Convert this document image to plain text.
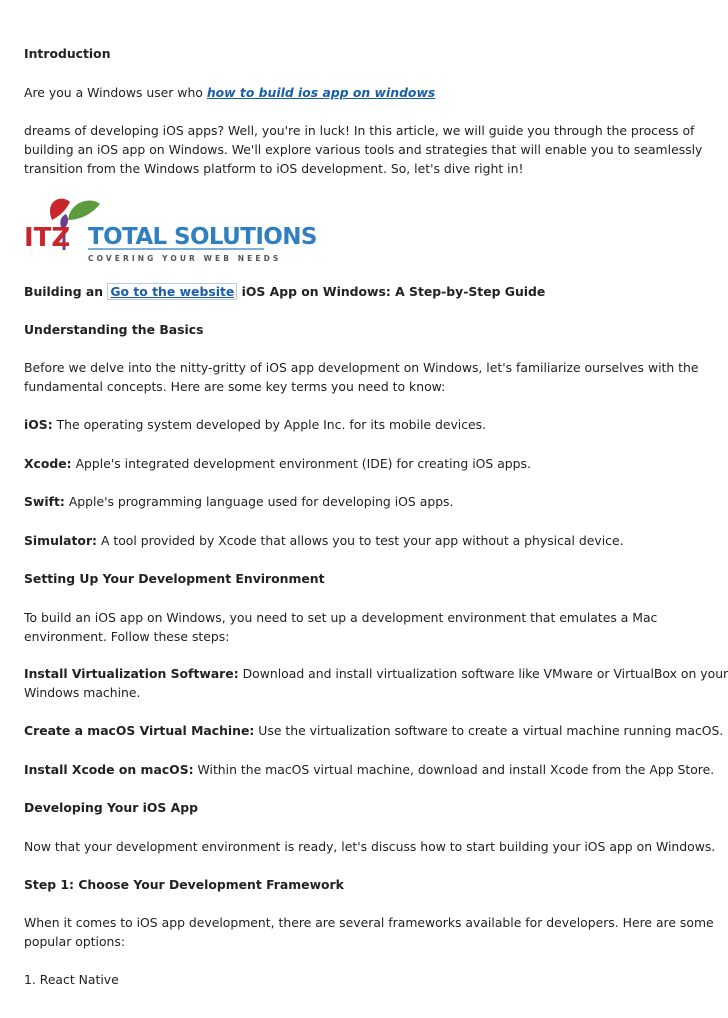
Introduction
Are you a Windows user who how to build ios app on windows
dreams of developing iOS apps? Well, you're in luck! In this article, we will guide you through the process of
building an iOS app on Windows. We'll explore various tools and strategies that will enable you to seamlessly
transition from the Windows platform to iOS development. So, let's dive right in!
ITZ TOTAL SOLUTIONS
COVERING YOUR WEB NEEDS
Building an Go to the website iOS App on Windows: A Step-by-Step Guide
Understanding the Basics
Before we delve into the nitty-gritty of iOS app development on Windows, let's familiarize ourselves with the
fundamental concepts. Here are some key terms you need to know:
iOS: The operating system developed by Apple Inc. for its mobile devices.
Xcode: Apple's integrated development environment (IDE) for creating iOS apps.
Swift: Apple's programming language used for developing iOS apps.
Simulator: A tool provided by Xcode that allows you to test your app without a physical device.
Setting Up Your Development Environment
To build an iOS app on Windows, you need to set up a development environment that emulates a Mac
environment. Follow these steps:
Install Virtualization Software: Download and install virtualization software like VMware or VirtualBox on your
Windows machine.
Create a macOS Virtual Machine: Use the virtualization software to create a virtual machine running macOS.
Install Xcode on macOS: Within the macOS virtual machine, download and install Xcode from the App Store.
Developing Your iOS App
Now that your development environment is ready, let's discuss how to start building your iOS app on Windows.
Step 1: Choose Your Development Framework
When it comes to iOS app development, there are several frameworks available for developers. Here are some
popular options:
1. React Native
